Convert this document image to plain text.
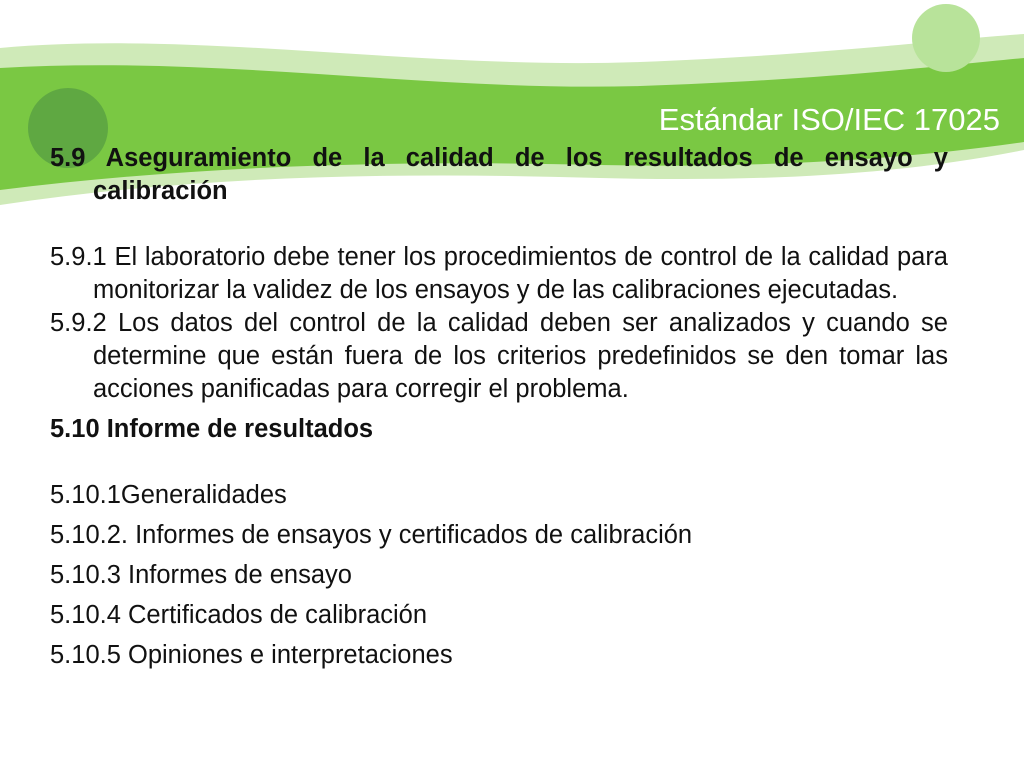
Estándar ISO/IEC 17025

5.9 Aseguramiento de la calidad de los resultados de ensayo y calibración

5.9.1 El laboratorio debe tener los procedimientos de control de la calidad para monitorizar la validez de los ensayos y de las calibraciones ejecutadas.

5.9.2 Los datos del control de la calidad deben ser analizados y cuando se determine que están fuera de los criterios predefinidos se den tomar las acciones panificadas para corregir el problema.

5.10 Informe de resultados

5.10.1Generalidades

5.10.2. Informes de ensayos y certificados de calibración

5.10.3 Informes de ensayo

5.10.4 Certificados de calibración

5.10.5 Opiniones e interpretaciones
